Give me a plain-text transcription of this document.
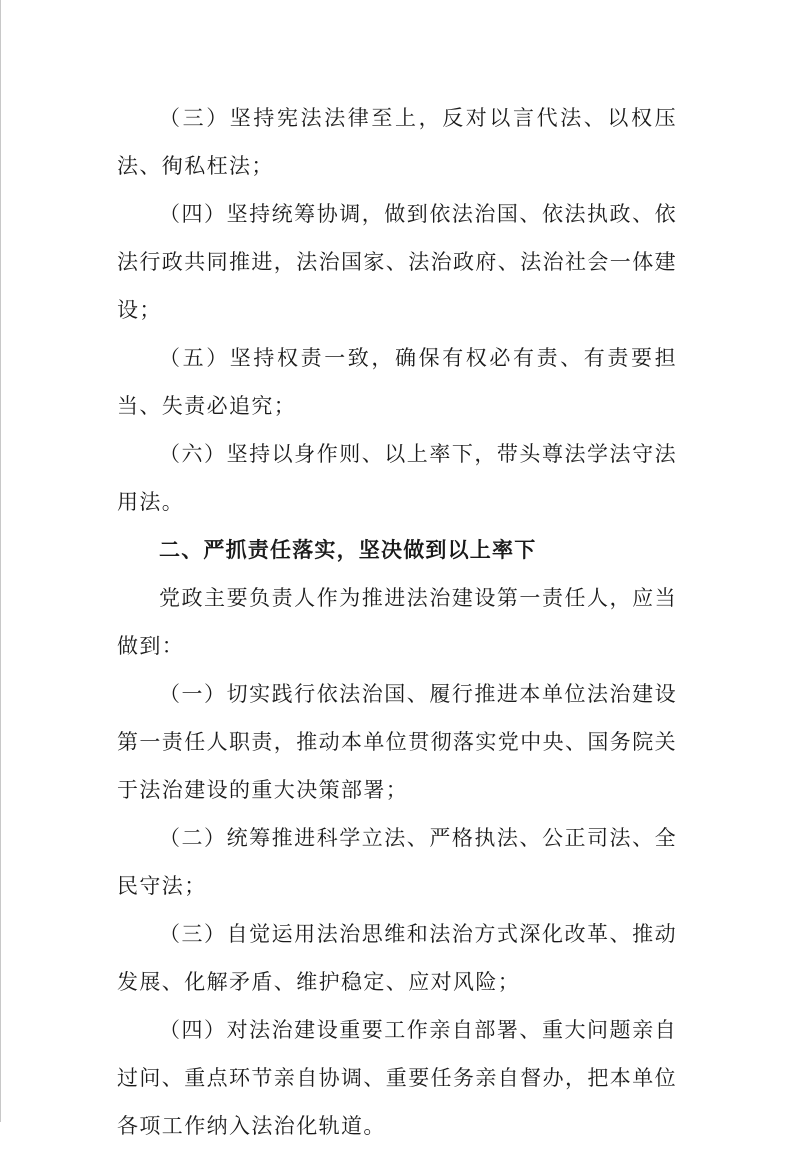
（三）坚持宪法法律至上，反对以言代法、以权压法、徇私枉法；

（四）坚持统筹协调，做到依法治国、依法执政、依法行政共同推进，法治国家、法治政府、法治社会一体建设；

（五）坚持权责一致，确保有权必有责、有责要担当、失责必追究；

（六）坚持以身作则、以上率下，带头尊法学法守法用法。

二、严抓责任落实，坚决做到以上率下

党政主要负责人作为推进法治建设第一责任人，应当做到：

（一）切实践行依法治国、履行推进本单位法治建设第一责任人职责，推动本单位贯彻落实党中央、国务院关于法治建设的重大决策部署；

（二）统筹推进科学立法、严格执法、公正司法、全民守法；

（三）自觉运用法治思维和法治方式深化改革、推动发展、化解矛盾、维护稳定、应对风险；

（四）对法治建设重要工作亲自部署、重大问题亲自过问、重点环节亲自协调、重要任务亲自督办，把本单位各项工作纳入法治化轨道。
